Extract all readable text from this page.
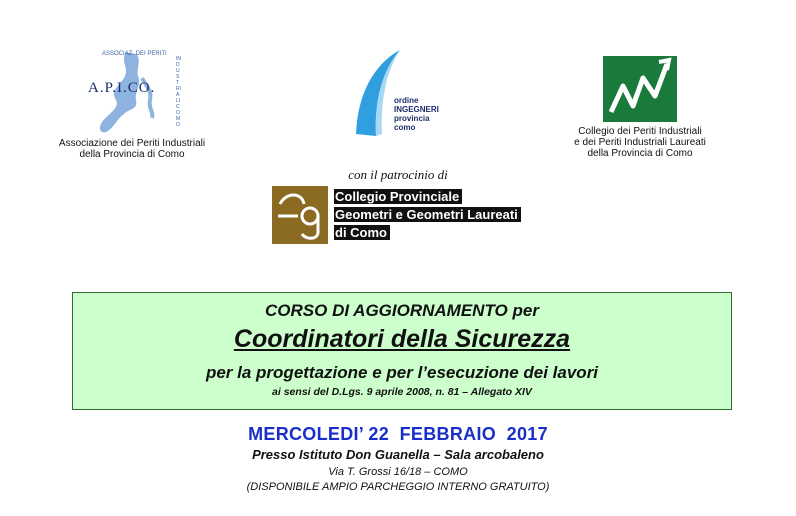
ASSOCIAZ. DEI PERITI
A.P.I.CO.
INDUSTRIALI COMO
Associazione dei Periti Industriali
della Provincia di Como
ordine
INGEGNERI
provincia
como	Collegio dei Periti Industriali
e dei Periti Industriali Laureati
della Provincia di Como
con il patrocinio di
Collegio Provinciale
Geometri e Geometri Laureati
di Como
CORSO DI AGGIORNAMENTO per
Coordinatori della Sicurezza
per la progettazione e per l’esecuzione dei lavori
ai sensi del D.Lgs. 9 aprile 2008, n. 81 – Allegato XIV
MERCOLEDI’ 22  FEBBRAIO  2017
Presso Istituto Don Guanella – Sala arcobaleno
Via T. Grossi 16/18 – COMO
(DISPONIBILE AMPIO PARCHEGGIO INTERNO GRATUITO)
